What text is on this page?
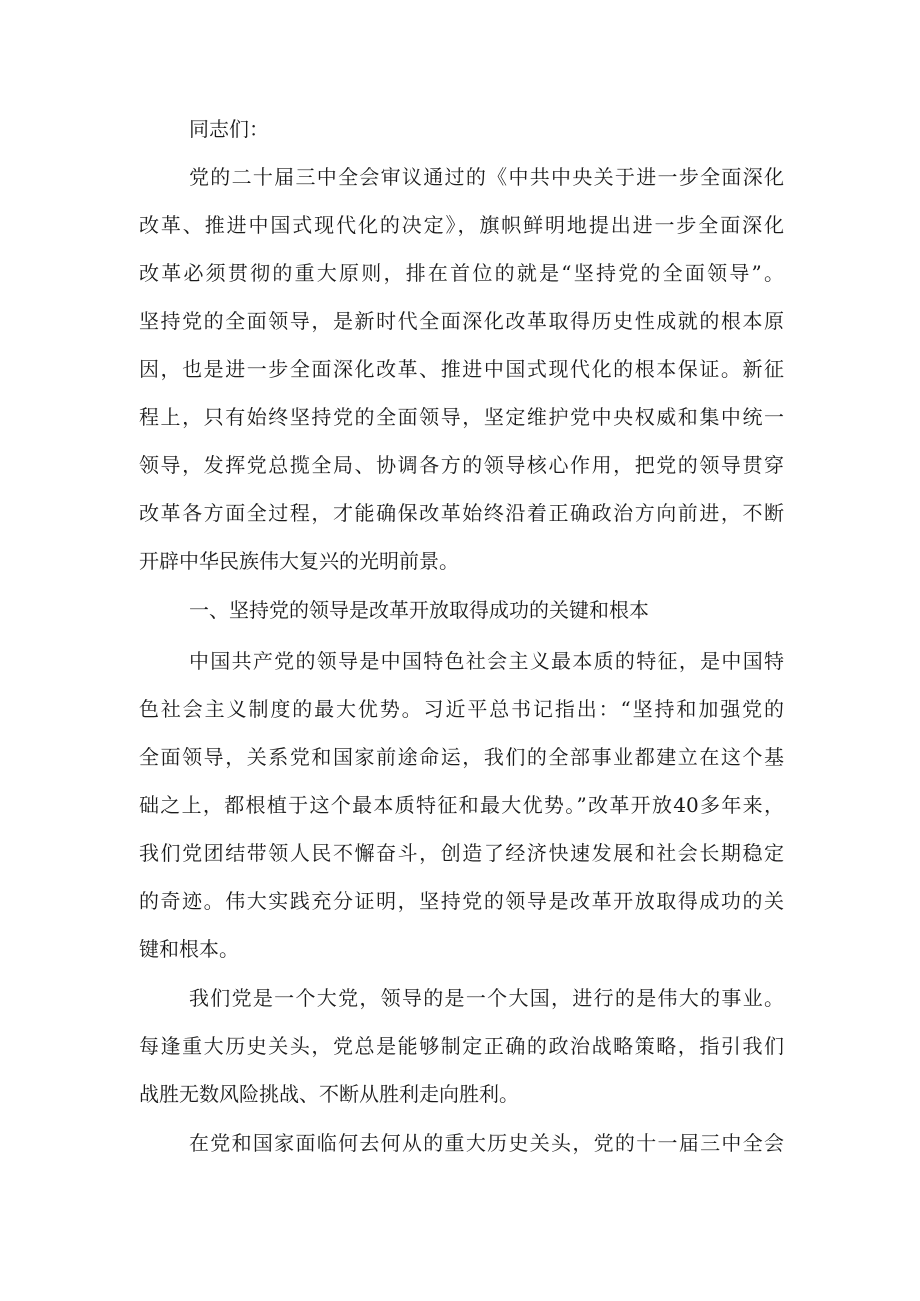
同志们：

党的二十届三中全会审议通过的《中共中央关于进一步全面深化

改革、推进中国式现代化的决定》，旗帜鲜明地提出进一步全面深化

改革必须贯彻的重大原则，排在首位的就是“坚持党的全面领导”。

坚持党的全面领导，是新时代全面深化改革取得历史性成就的根本原

因，也是进一步全面深化改革、推进中国式现代化的根本保证。新征

程上，只有始终坚持党的全面领导，坚定维护党中央权威和集中统一

领导，发挥党总揽全局、协调各方的领导核心作用，把党的领导贯穿

改革各方面全过程，才能确保改革始终沿着正确政治方向前进，不断

开辟中华民族伟大复兴的光明前景。

一、坚持党的领导是改革开放取得成功的关键和根本

中国共产党的领导是中国特色社会主义最本质的特征，是中国特

色社会主义制度的最大优势。习近平总书记指出：“坚持和加强党的

全面领导，关系党和国家前途命运，我们的全部事业都建立在这个基

础之上，都根植于这个最本质特征和最大优势。”改革开放40多年来，

我们党团结带领人民不懈奋斗，创造了经济快速发展和社会长期稳定

的奇迹。伟大实践充分证明，坚持党的领导是改革开放取得成功的关

键和根本。

我们党是一个大党，领导的是一个大国，进行的是伟大的事业。

每逢重大历史关头，党总是能够制定正确的政治战略策略，指引我们

战胜无数风险挑战、不断从胜利走向胜利。

在党和国家面临何去何从的重大历史关头，党的十一届三中全会
